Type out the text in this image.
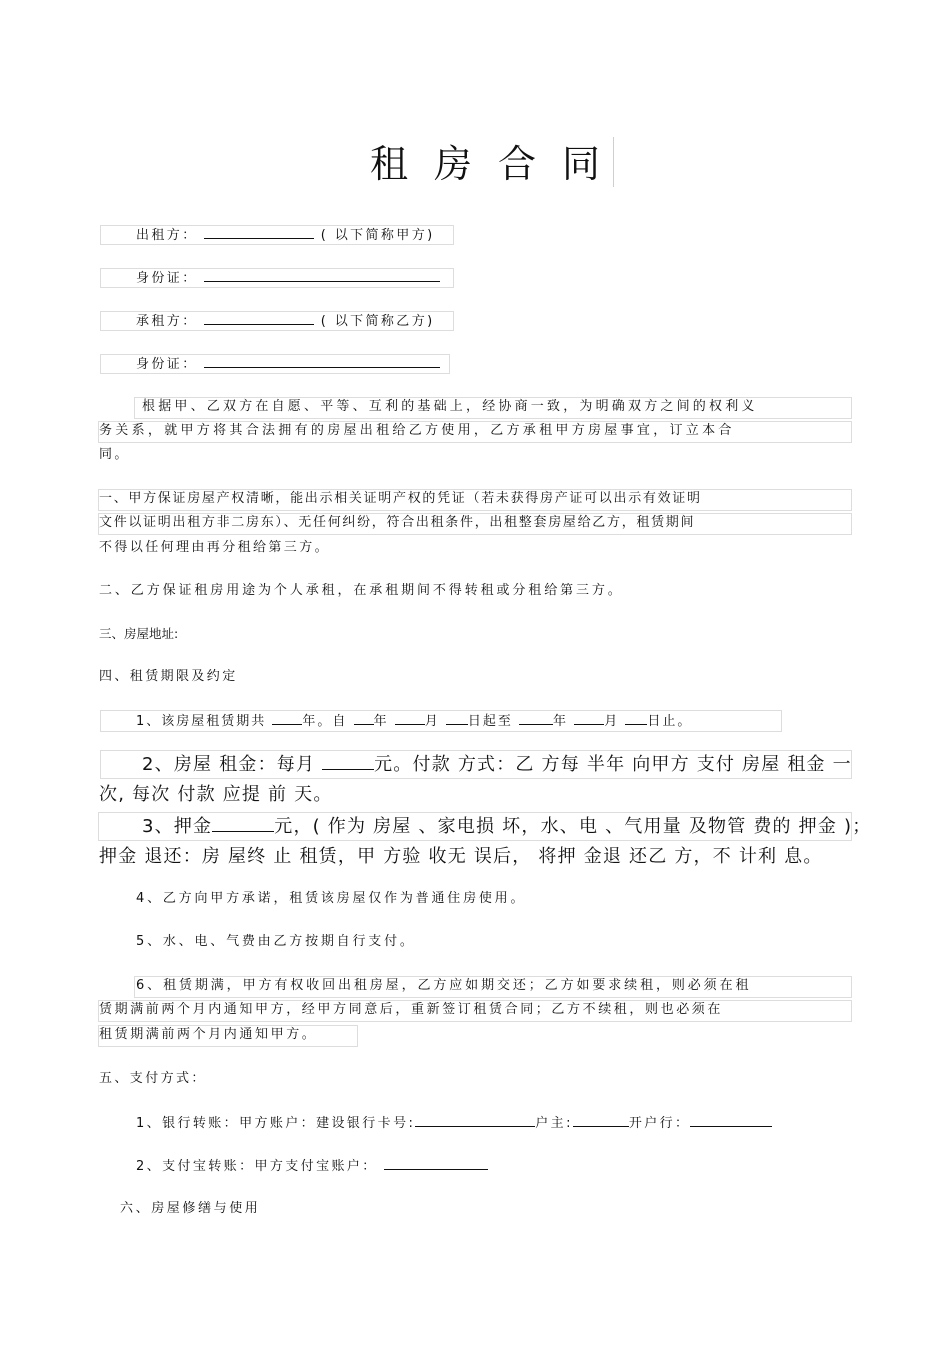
租房合同
出租方：	( 以下简称甲方)
身份证：
承租方：	( 以下简称乙方)
身份证：
根据甲、乙双方在自愿、平等、互利的基础上，经协商一致，为明确双方之间的权利义
务关系，就甲方将其合法拥有的房屋出租给乙方使用，乙方承租甲方房屋事宜，订立本合
同。
一、甲方保证房屋产权清晰，能出示相关证明产权的凭证（若未获得房产证可以出示有效证明
文件以证明出租方非二房东）、无任何纠纷，符合出租条件，出租整套房屋给乙方，租赁期间
不得以任何理由再分租给第三方。
二、乙方保证租房用途为个人承租，在承租期间不得转租或分租给第三方。
三、房屋地址:
四、租赁期限及约定
1、该房屋租赁期共	年。自 年	月 日起至	年	月 日止。
2、房屋 租金：每月	元。付款 方式：乙 方每 半年 向甲方 支付 房屋 租金 一
次, 每次 付款 应提 前 天。
3、押金	元，( 作为 房屋 、家电损 坏，水、电 、气用量 及物管 费的 押金 )；
押金 退还：房 屋终 止 租赁，甲 方验 收无 误后， 将押 金退 还乙 方，不 计利 息。
4、乙方向甲方承诺，租赁该房屋仅作为普通住房使用。
5、水、电、气费由乙方按期自行支付。
6、租赁期满，甲方有权收回出租房屋，乙方应如期交还；乙方如要求续租，则必须在租
赁期满前两个月内通知甲方，经甲方同意后，重新签订租赁合同；乙方不续租，则也必须在
租赁期满前两个月内通知甲方。
五、支付方式：
1、银行转账：甲方账户：建设银行卡号:	户主:	开户行：
2、支付宝转账：甲方支付宝账户：
六、房屋修缮与使用
